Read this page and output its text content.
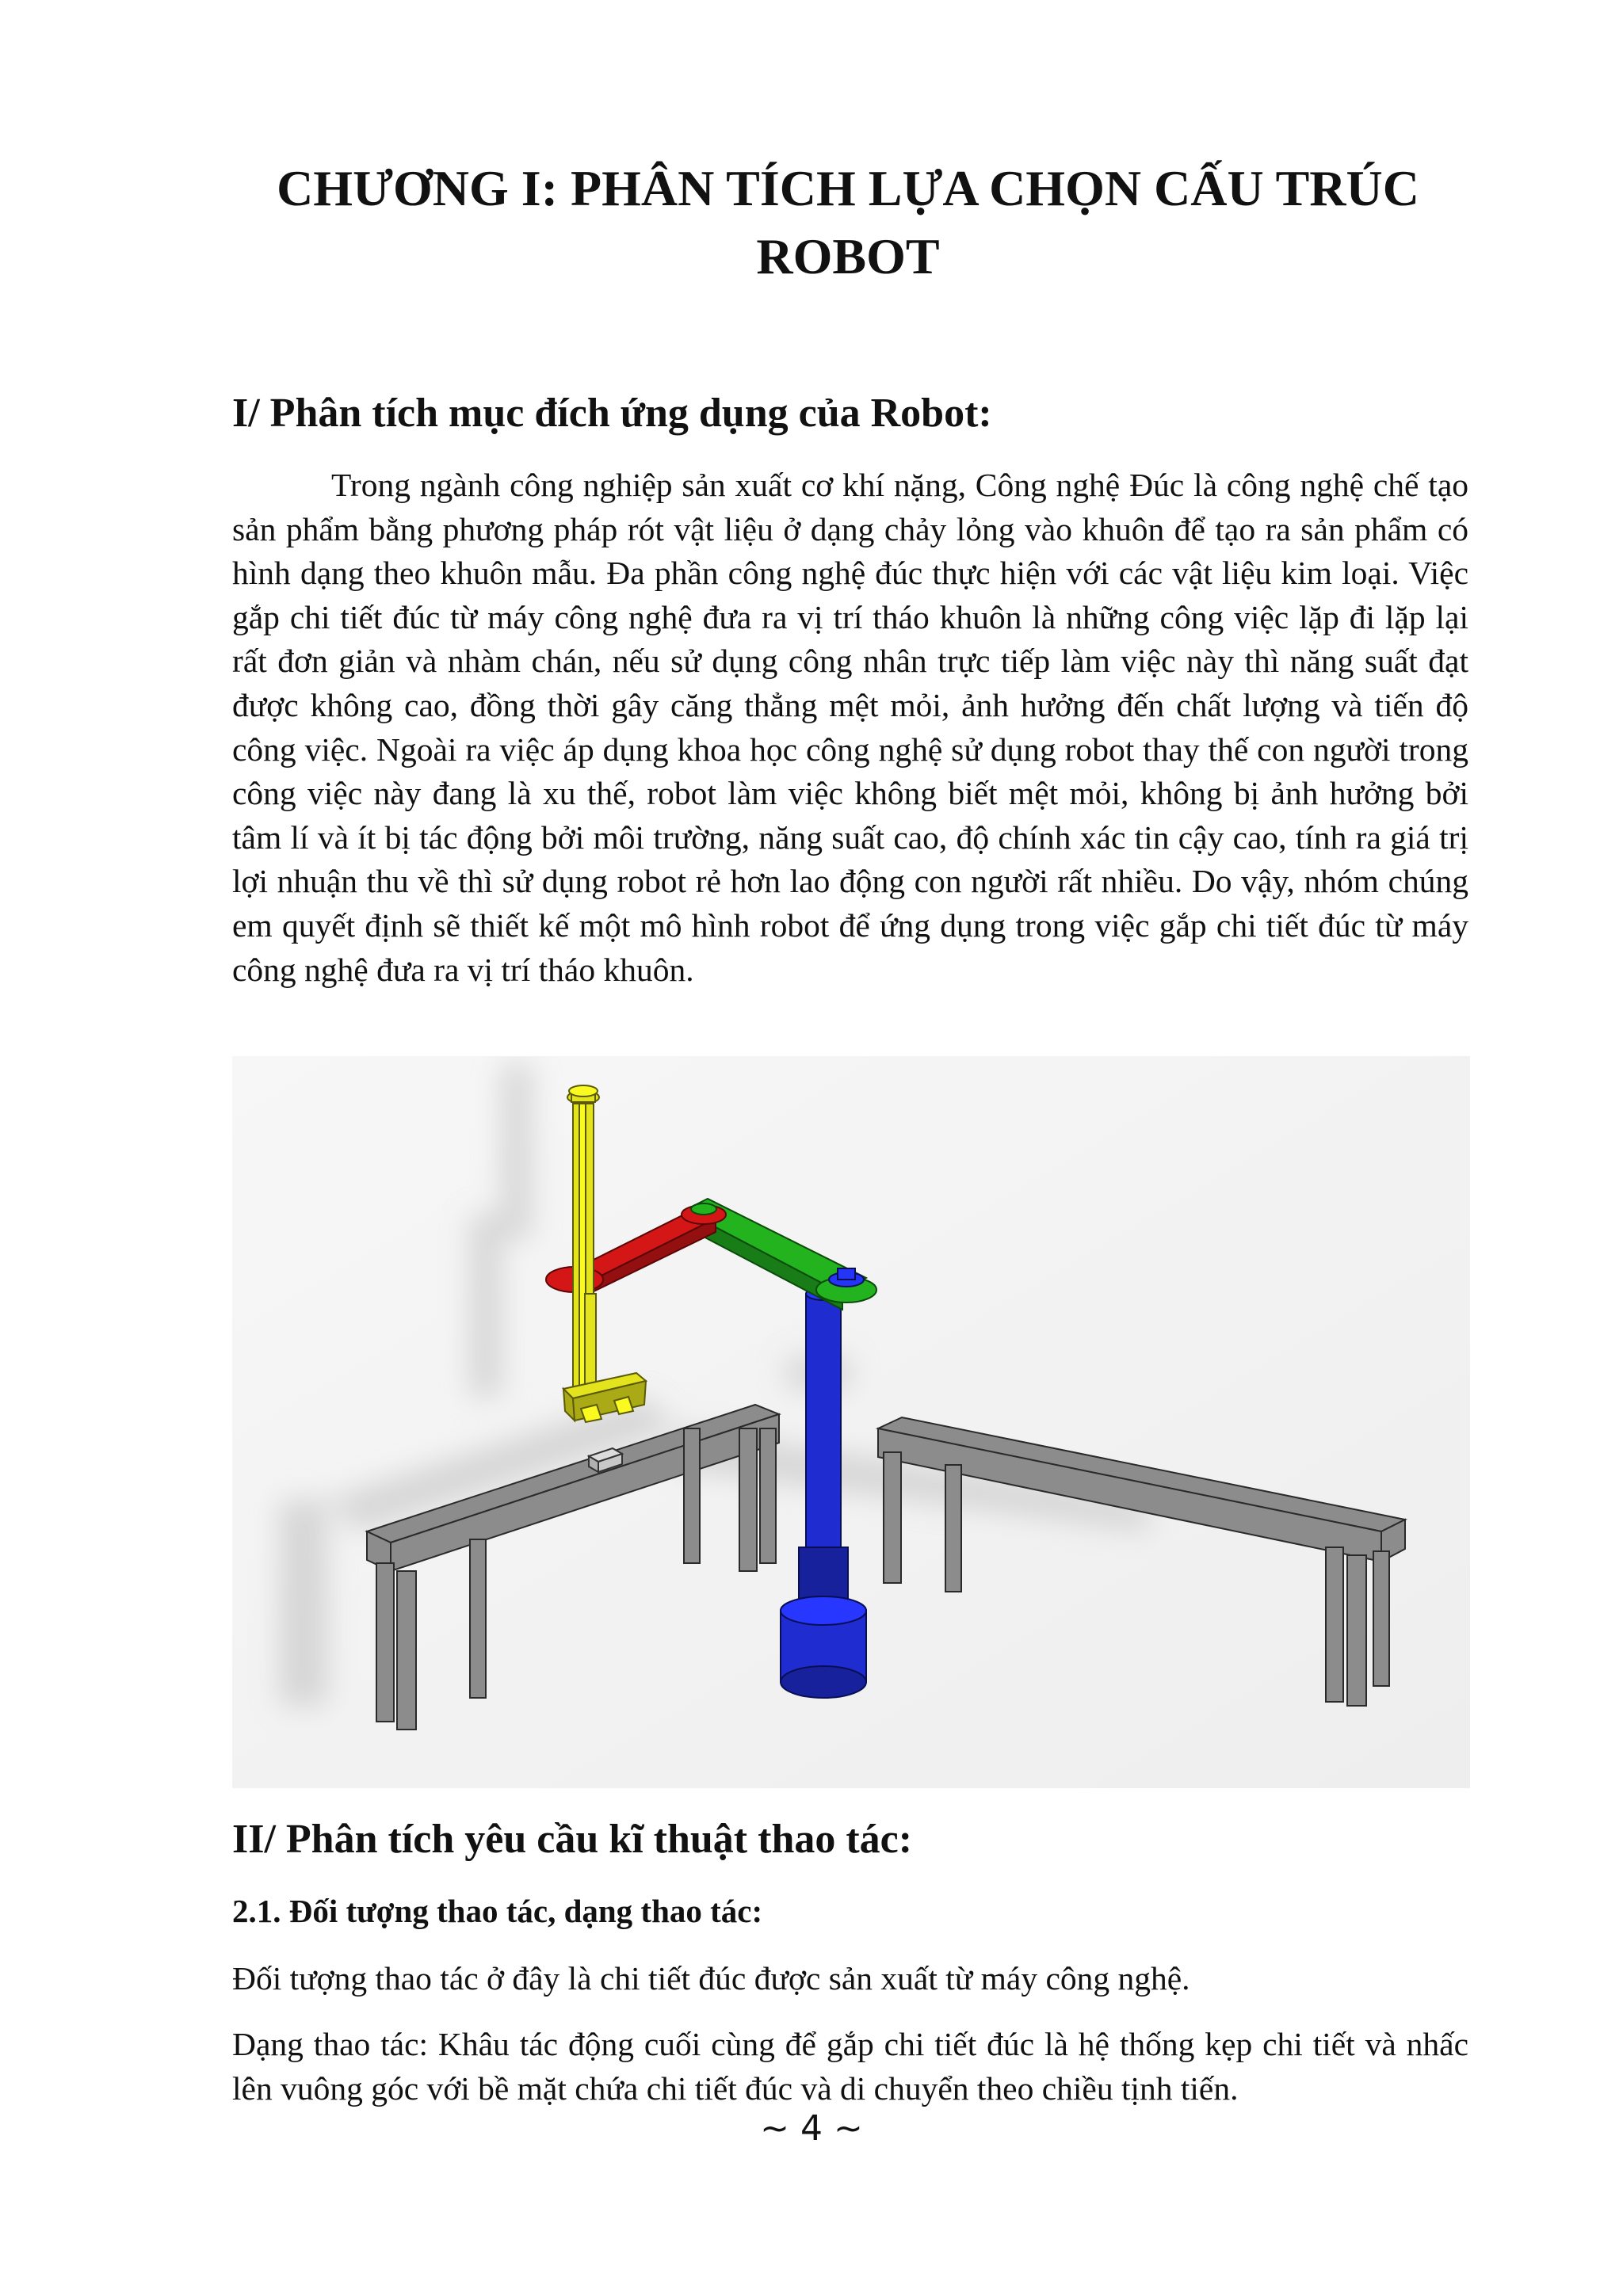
CHƯƠNG I: PHÂN TÍCH LỰA CHỌN CẤU TRÚC
ROBOT
I/ Phân tích mục đích ứng dụng của Robot:

Trong ngành công nghiệp sản xuất cơ khí nặng, Công nghệ Đúc là công nghệ chế tạo sản phẩm bằng phương pháp rót vật liệu ở dạng chảy lỏng vào khuôn để tạo ra sản phẩm có hình dạng theo khuôn mẫu. Đa phần công nghệ đúc thực hiện với các vật liệu kim loại. Việc gắp chi tiết đúc từ máy công nghệ đưa ra vị trí tháo khuôn là những công việc lặp đi lặp lại rất đơn giản và nhàm chán, nếu sử dụng công nhân trực tiếp làm việc này thì năng suất đạt được không cao, đồng thời gây căng thẳng mệt mỏi, ảnh hưởng đến chất lượng và tiến độ công việc. Ngoài ra việc áp dụng khoa học công nghệ sử dụng robot thay thế con người trong công việc này đang là xu thế, robot làm việc không biết mệt mỏi, không bị ảnh hưởng bởi tâm lí và ít bị tác động bởi môi trường, năng suất cao, độ chính xác tin cậy cao, tính ra giá trị lợi nhuận thu về thì sử dụng robot rẻ hơn lao động con người rất nhiều. Do vậy, nhóm chúng em quyết định sẽ thiết kế một mô hình robot để ứng dụng trong việc gắp chi tiết đúc từ máy công nghệ đưa ra vị trí tháo khuôn.

II/ Phân tích yêu cầu kĩ thuật thao tác:
2.1. Đối tượng thao tác, dạng thao tác:

Đối tượng thao tác ở đây là chi tiết đúc được sản xuất từ máy công nghệ.

Dạng thao tác: Khâu tác động cuối cùng để gắp chi tiết đúc là hệ thống kẹp chi tiết và nhấc lên vuông góc với bề mặt chứa chi tiết đúc và di chuyển theo chiều tịnh tiến.

~ 4 ~
